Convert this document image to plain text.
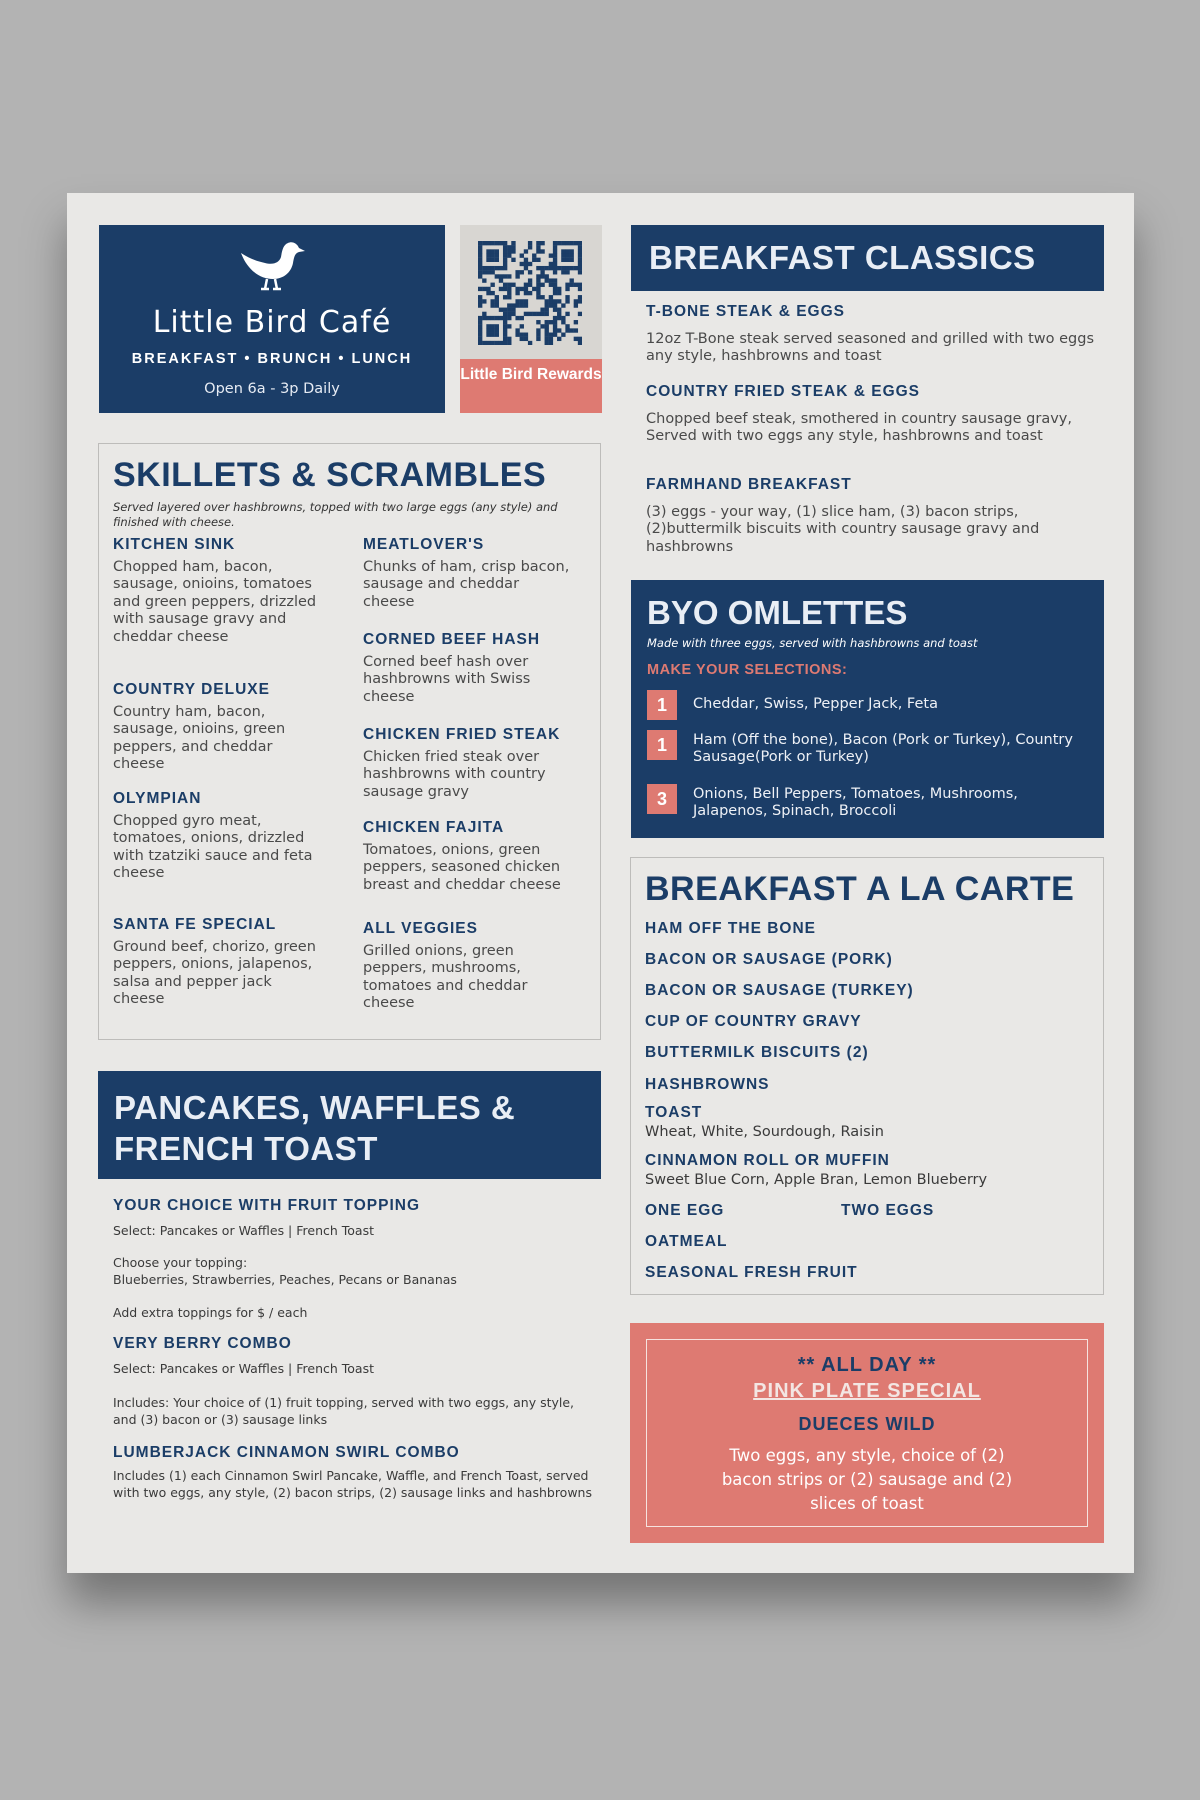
Little Bird Café
BREAKFAST • BRUNCH • LUNCH
Open 6a - 3p Daily
Little Bird Rewards
SKILLETS & SCRAMBLES
Served layered over hashbrowns, topped with two large eggs (any style) and finished with cheese.
KITCHEN SINK
Chopped ham, bacon, sausage, onioins, tomatoes and green peppers, drizzled with sausage gravy and cheddar cheese
COUNTRY DELUXE
Country ham, bacon, sausage, onioins, green peppers, and cheddar cheese
OLYMPIAN
Chopped gyro meat, tomatoes, onions, drizzled with tzatziki sauce and feta cheese
SANTA FE SPECIAL
Ground beef, chorizo, green peppers, onions, jalapenos, salsa and pepper jack cheese
MEATLOVER'S
Chunks of ham, crisp bacon, sausage and cheddar cheese
CORNED BEEF HASH
Corned beef hash over hashbrowns with Swiss cheese
CHICKEN FRIED STEAK
Chicken fried steak over hashbrowns with country sausage gravy
CHICKEN FAJITA
Tomatoes, onions, green peppers, seasoned chicken breast and cheddar cheese
ALL VEGGIES
Grilled onions, green peppers, mushrooms, tomatoes and cheddar cheese
PANCAKES, WAFFLES &
FRENCH TOAST
YOUR CHOICE WITH FRUIT TOPPING
Select: Pancakes or Waffles | French Toast
Choose your topping:
Blueberries, Strawberries, Peaches, Pecans or Bananas
Add extra toppings for $ / each
VERY BERRY COMBO
Select: Pancakes or Waffles | French Toast
Includes: Your choice of (1) fruit topping, served with two eggs, any style, and (3) bacon or (3) sausage links
LUMBERJACK CINNAMON SWIRL COMBO
Includes (1) each Cinnamon Swirl Pancake, Waffle, and French Toast, served with two eggs, any style, (2) bacon strips, (2) sausage links and hashbrowns
BREAKFAST CLASSICS
T-BONE STEAK & EGGS
12oz T-Bone steak served seasoned and grilled with two eggs any style, hashbrowns and toast
COUNTRY FRIED STEAK & EGGS
Chopped beef steak, smothered in country sausage gravy, Served with two eggs any style, hashbrowns and toast
FARMHAND BREAKFAST
(3) eggs - your way, (1) slice ham, (3) bacon strips, (2)buttermilk biscuits with country sausage gravy and hashbrowns
BYO OMLETTES
Made with three eggs, served with hashbrowns and toast
MAKE YOUR SELECTIONS:
1	Cheddar, Swiss, Pepper Jack, Feta
1	Ham (Off the bone), Bacon (Pork or Turkey), Country Sausage(Pork or Turkey)
3	Onions, Bell Peppers, Tomatoes, Mushrooms, Jalapenos, Spinach, Broccoli
BREAKFAST A LA CARTE
HAM OFF THE BONE
BACON OR SAUSAGE (PORK)
BACON OR SAUSAGE (TURKEY)
CUP OF COUNTRY GRAVY
BUTTERMILK BISCUITS (2)
HASHBROWNS
TOAST
Wheat, White, Sourdough, Raisin
CINNAMON ROLL OR MUFFIN
Sweet Blue Corn, Apple Bran, Lemon Blueberry
ONE EGG	TWO EGGS
OATMEAL
SEASONAL FRESH FRUIT
** ALL DAY **
PINK PLATE SPECIAL
DUECES WILD
Two eggs, any style, choice of (2) bacon strips or (2) sausage and (2) slices of toast
